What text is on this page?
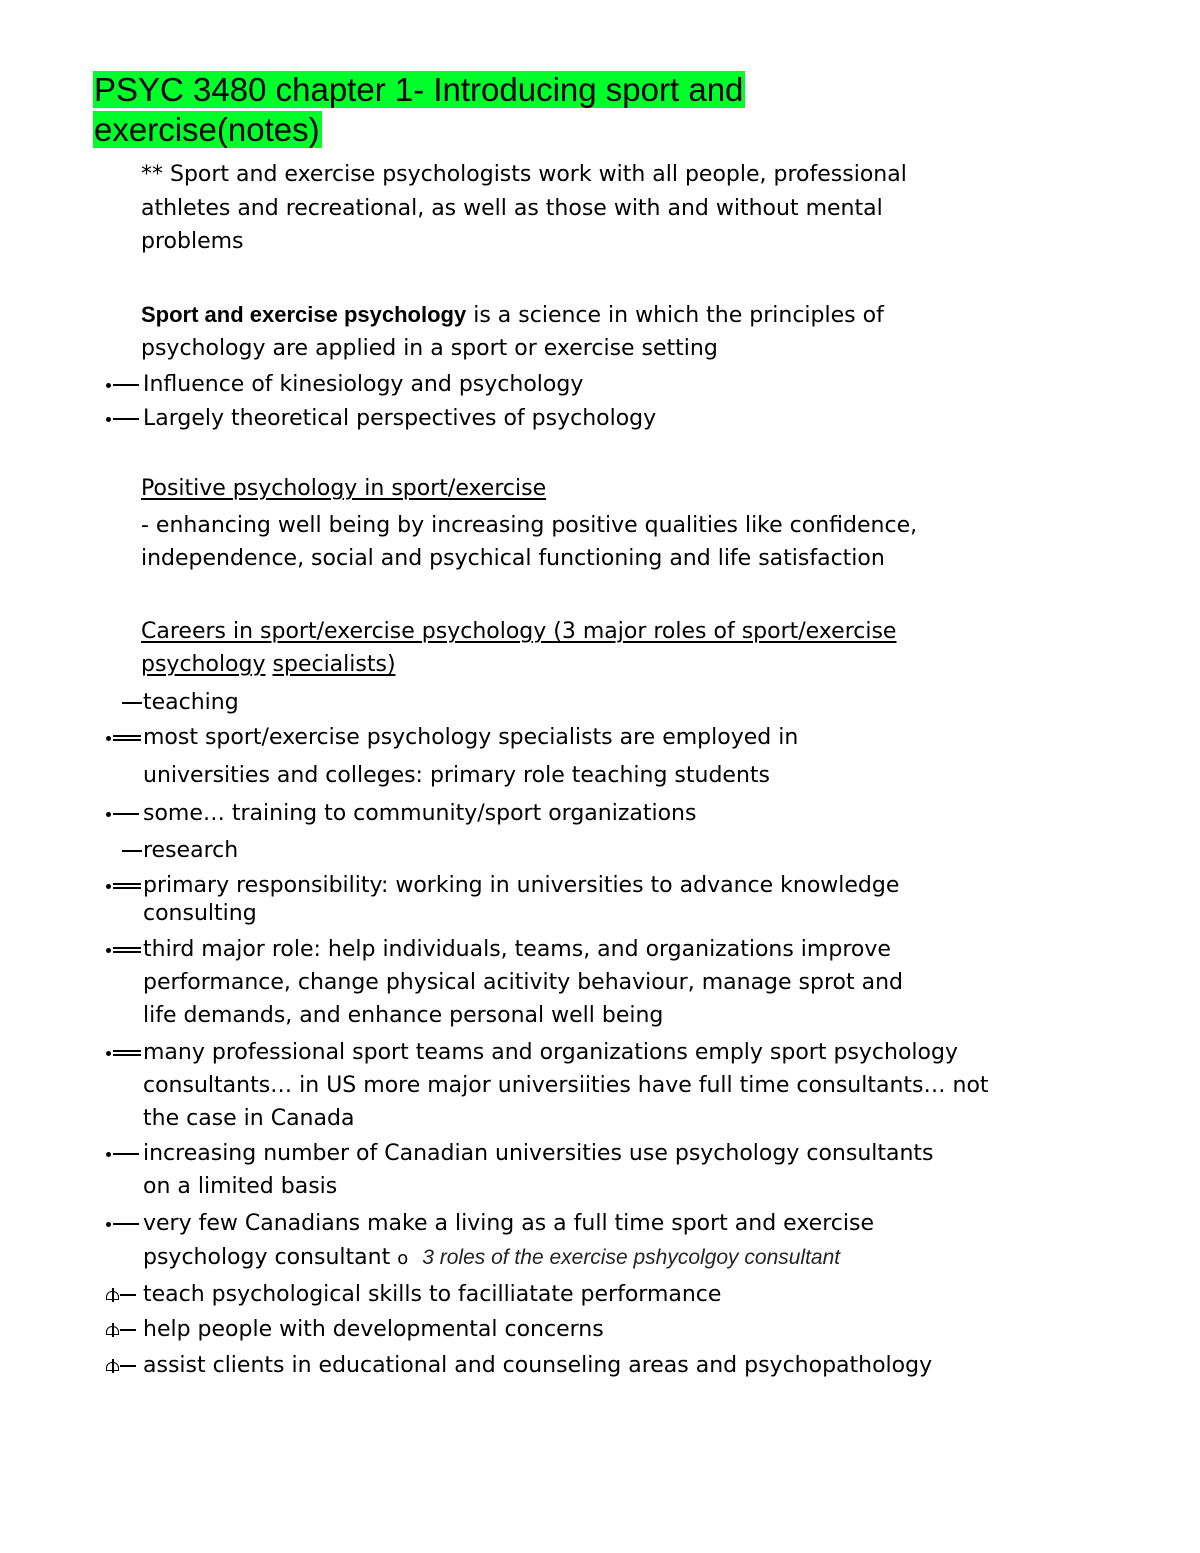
PSYC 3480 chapter 1- Introducing sport and
exercise(notes)
** Sport and exercise psychologists work with all people, professional
athletes and recreational, as well as those with and without mental
problems
Sport and exercise psychology is a science in which the principles of
psychology are applied in a sport or exercise setting
Influence of kinesiology and psychology
Largely theoretical perspectives of psychology
Positive psychology in sport/exercise
- enhancing well being by increasing positive qualities like confidence,
independence, social and psychical functioning and life satisfaction
Careers in sport/exercise psychology (3 major roles of sport/exercise
psychology specialists)
teaching
most sport/exercise psychology specialists are employed in
universities and colleges: primary role teaching students
some… training to community/sport organizations
research
primary responsibility: working in universities to advance knowledge
consulting
third major role: help individuals, teams, and organizations improve
performance, change physical acitivity behaviour, manage sprot and
life demands, and enhance personal well being
many professional sport teams and organizations emply sport psychology
consultants… in US more major universiities have full time consultants… not
the case in Canada
increasing number of Canadian universities use psychology consultants
on a limited basis
very few Canadians make a living as a full time sport and exercise
psychology consultant o 3 roles of the exercise pshycolgoy consultant
teach psychological skills to facilliatate performance
help people with developmental concerns
assist clients in educational and counseling areas and psychopathology
